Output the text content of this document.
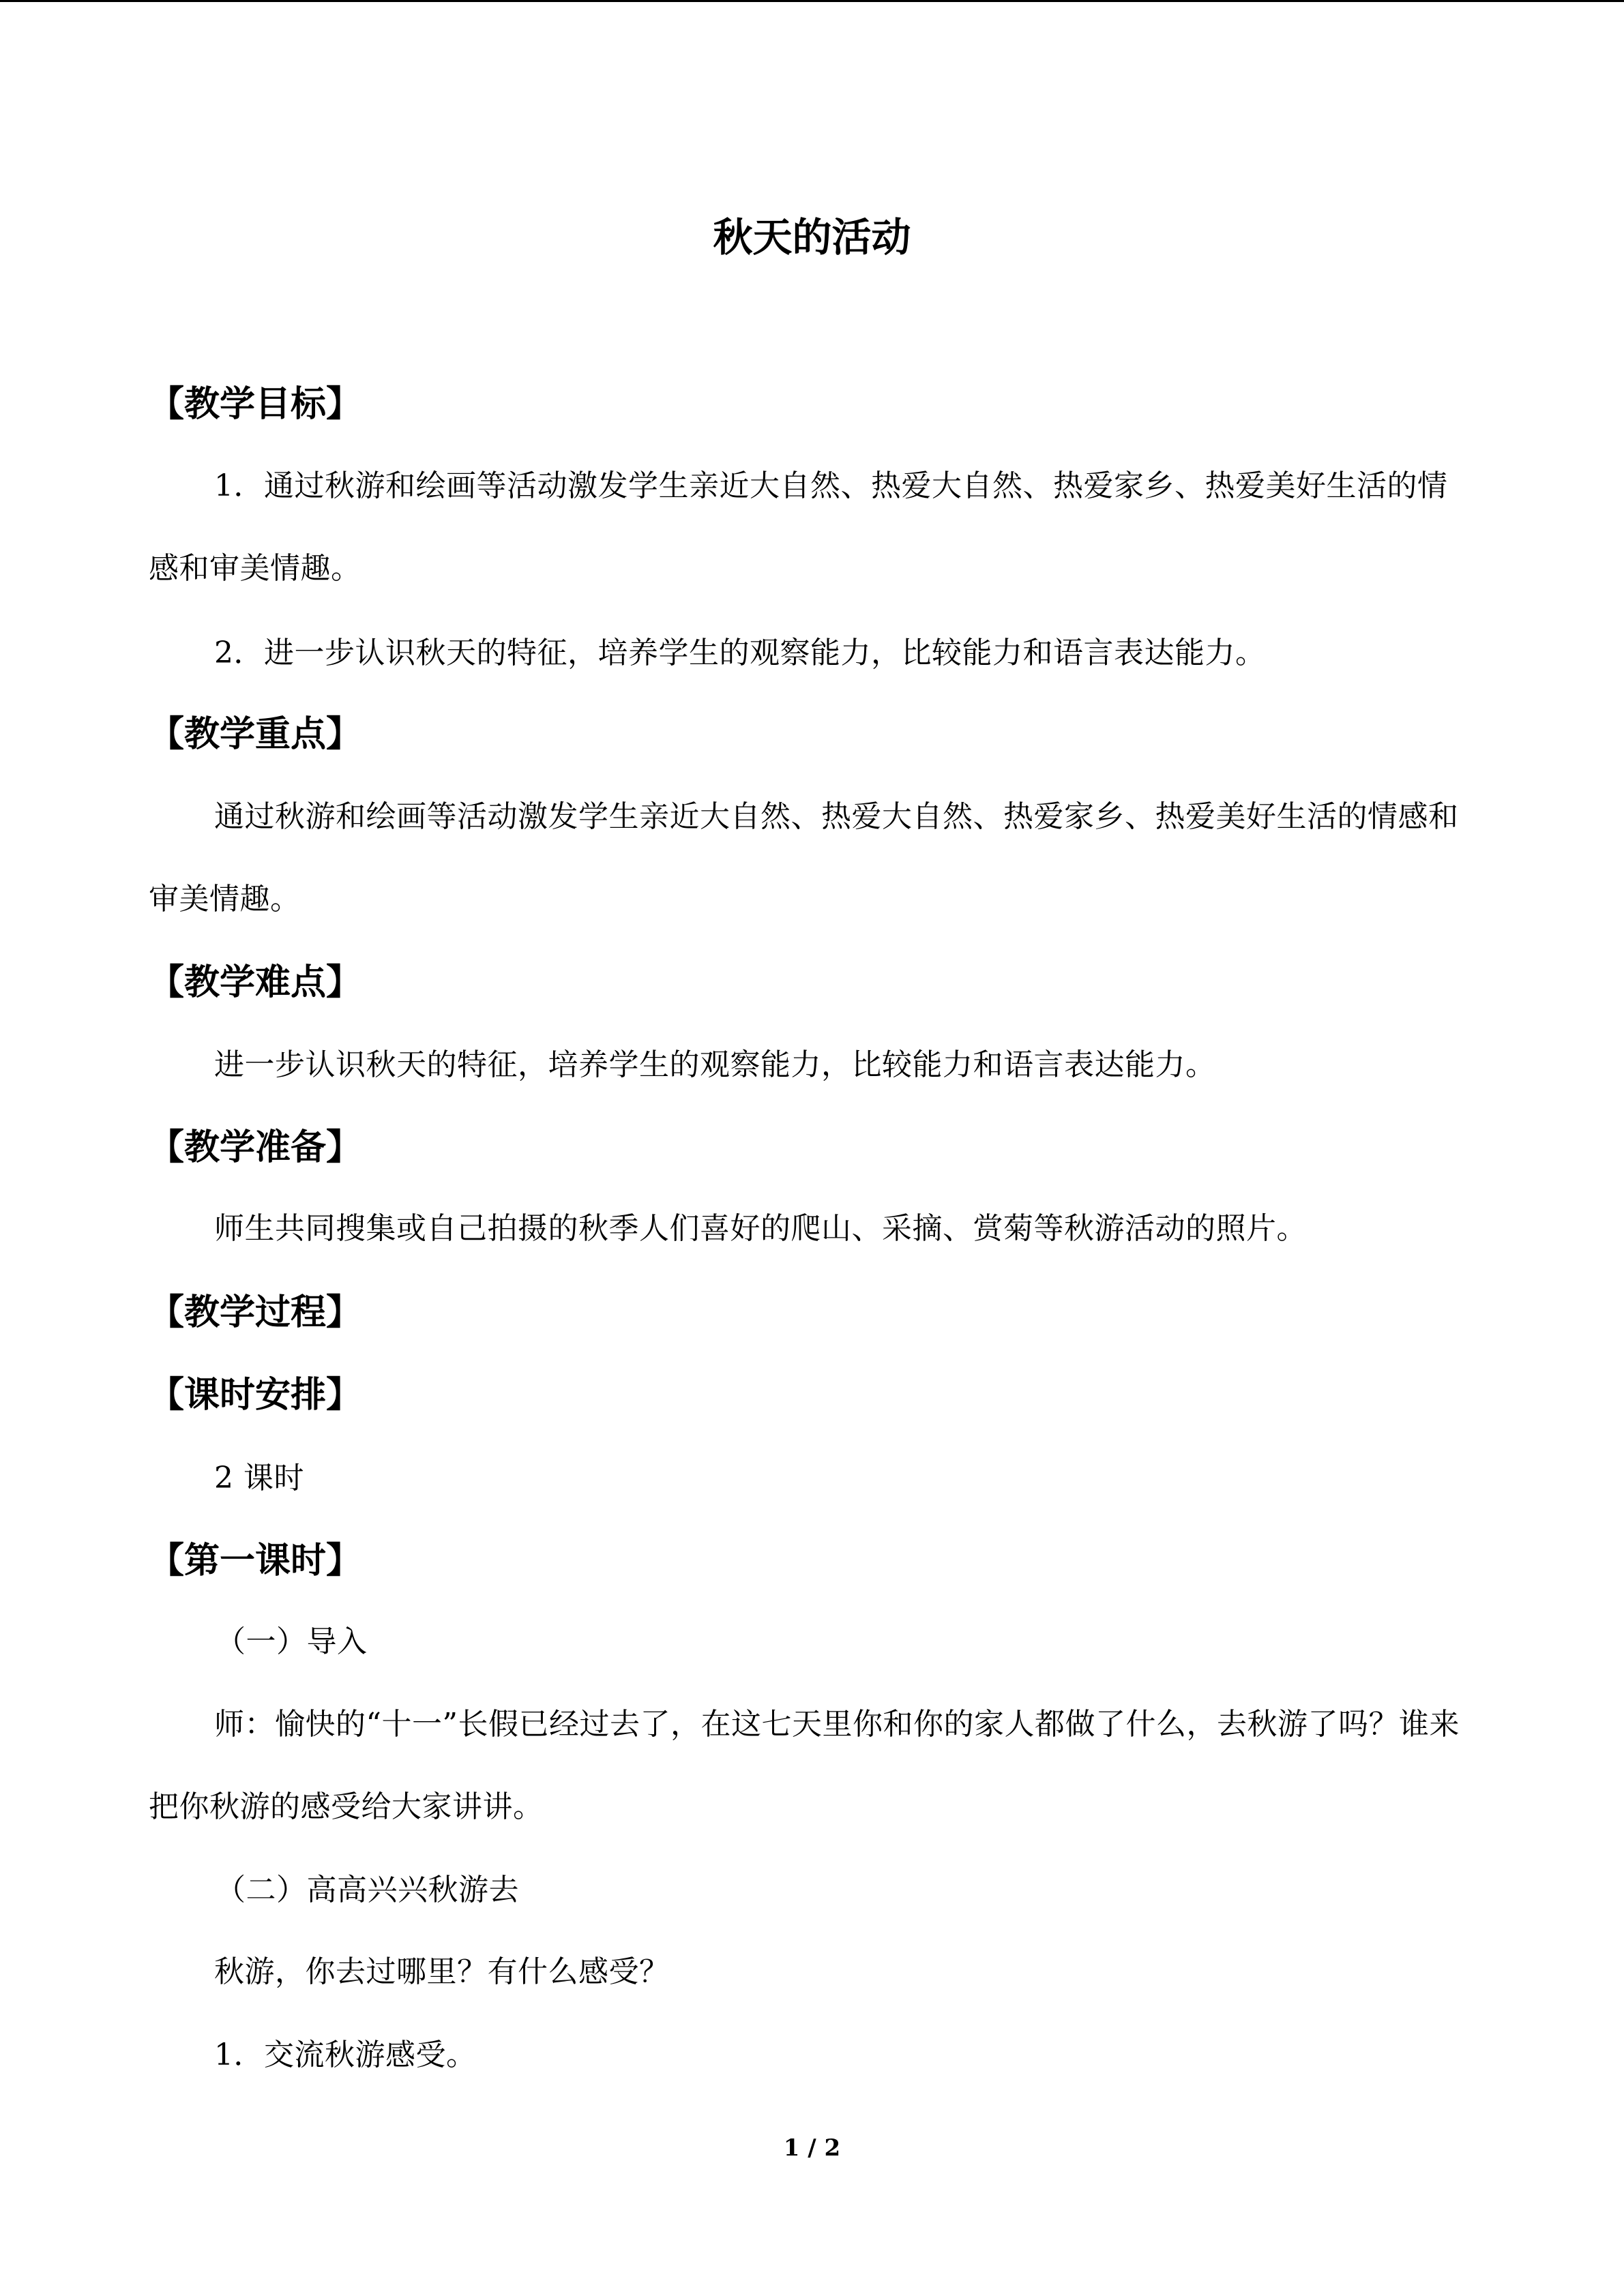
秋天的活动
【教学目标】
1．通过秋游和绘画等活动激发学生亲近大自然、热爱大自然、热爱家乡、热爱美好生活的情感和审美情趣。
2．进一步认识秋天的特征，培养学生的观察能力，比较能力和语言表达能力。
【教学重点】
通过秋游和绘画等活动激发学生亲近大自然、热爱大自然、热爱家乡、热爱美好生活的情感和审美情趣。
【教学难点】
进一步认识秋天的特征，培养学生的观察能力，比较能力和语言表达能力。
【教学准备】
师生共同搜集或自己拍摄的秋季人们喜好的爬山、采摘、赏菊等秋游活动的照片。
【教学过程】
【课时安排】
2 课时
【第一课时】
（一）导入
师：愉快的“十一”长假已经过去了，在这七天里你和你的家人都做了什么，去秋游了吗？谁来把你秋游的感受给大家讲讲。
（二）高高兴兴秋游去
秋游，你去过哪里？有什么感受？
1．交流秋游感受。
1 / 2
